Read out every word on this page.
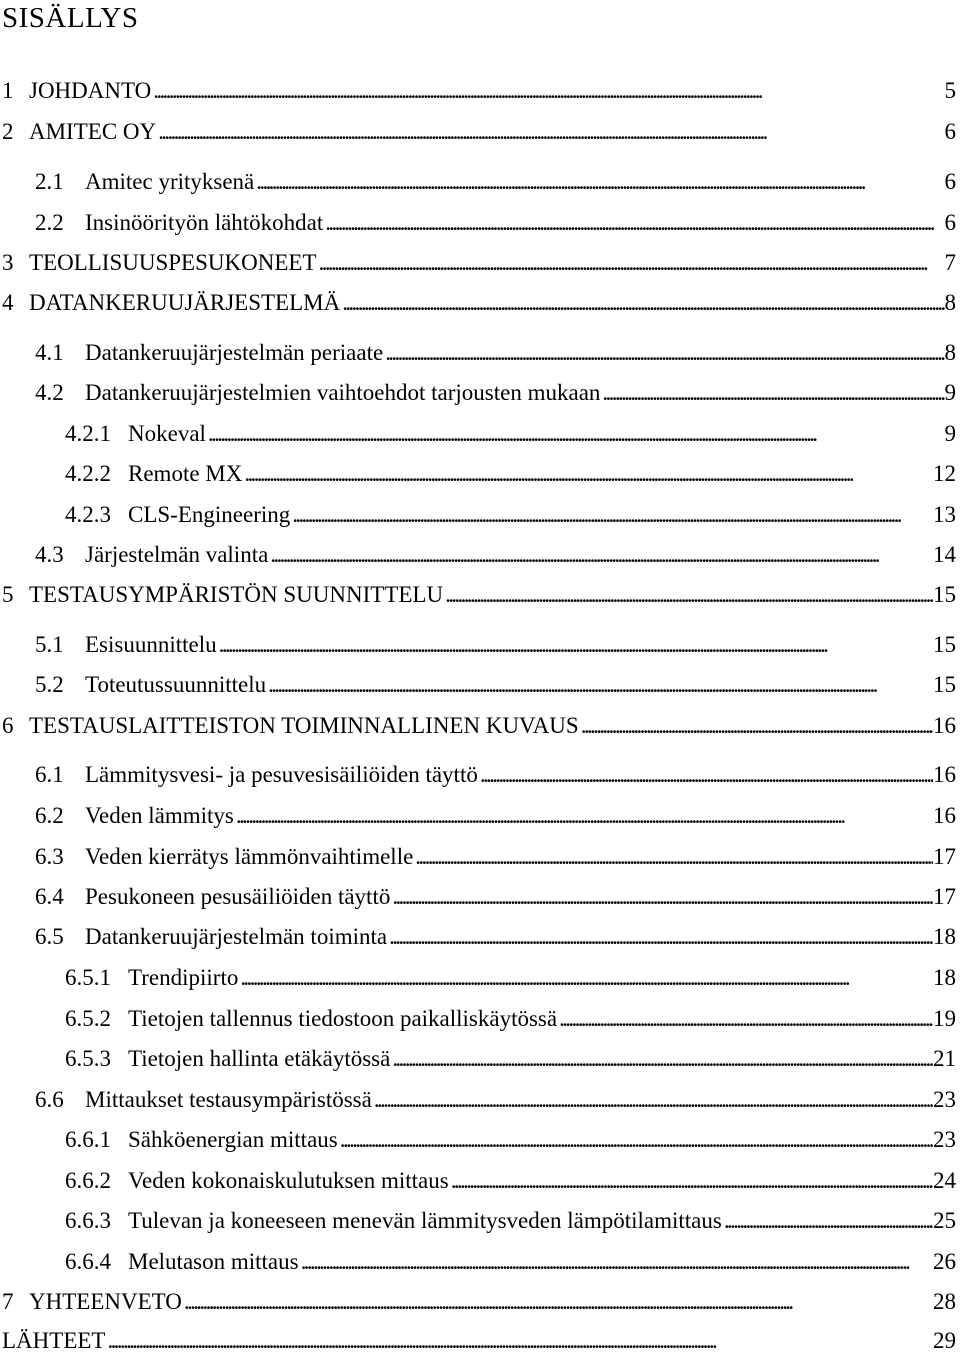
SISÄLLYS
1 JOHDANTO . . .	5
2 AMITEC OY . . .	6
2.1 Amitec yrityksenä . . .	6
2.2 Insinöörityön lähtökohdat . . .	6
3 TEOLLISUUSPESUKONEET . . .	7
4 DATANKERUUJÄRJESTELMÄ . . .	8
4.1 Datankeruujärjestelmän periaate . . .	8
4.2 Datankeruujärjestelmien vaihtoehdot tarjousten mukaan . . .	9
4.2.1 Nokeval . . .	9
4.2.2 Remote MX . . .	12
4.2.3 CLS-Engineering . . .	13
4.3 Järjestelmän valinta . . .	14
5 TESTAUSYMPÄRISTÖN SUUNNITTELU . . .	15
5.1 Esisuunnittelu . . .	15
5.2 Toteutussuunnittelu . . .	15
6 TESTAUSLAITTEISTON TOIMINNALLINEN KUVAUS . . .	16
6.1 Lämmitysvesi- ja pesuvesisäiliöiden täyttö . . .	16
6.2 Veden lämmitys . . .	16
6.3 Veden kierrätys lämmönvaihtimelle . . .	17
6.4 Pesukoneen pesusäiliöiden täyttö . . .	17
6.5 Datankeruujärjestelmän toiminta . . .	18
6.5.1 Trendipiirto . . .	18
6.5.2 Tietojen tallennus tiedostoon paikalliskäytössä . . .	19
6.5.3 Tietojen hallinta etäkäytössä . . .	21
6.6 Mittaukset testausympäristössä . . .	23
6.6.1 Sähköenergian mittaus . . .	23
6.6.2 Veden kokonaiskulutuksen mittaus . . .	24
6.6.3 Tulevan ja koneeseen menevän lämmitysveden lämpötilamittaus . . .	25
6.6.4 Melutason mittaus . . .	26
7 YHTEENVETO . . .	28
LÄHTEET . . .	29
